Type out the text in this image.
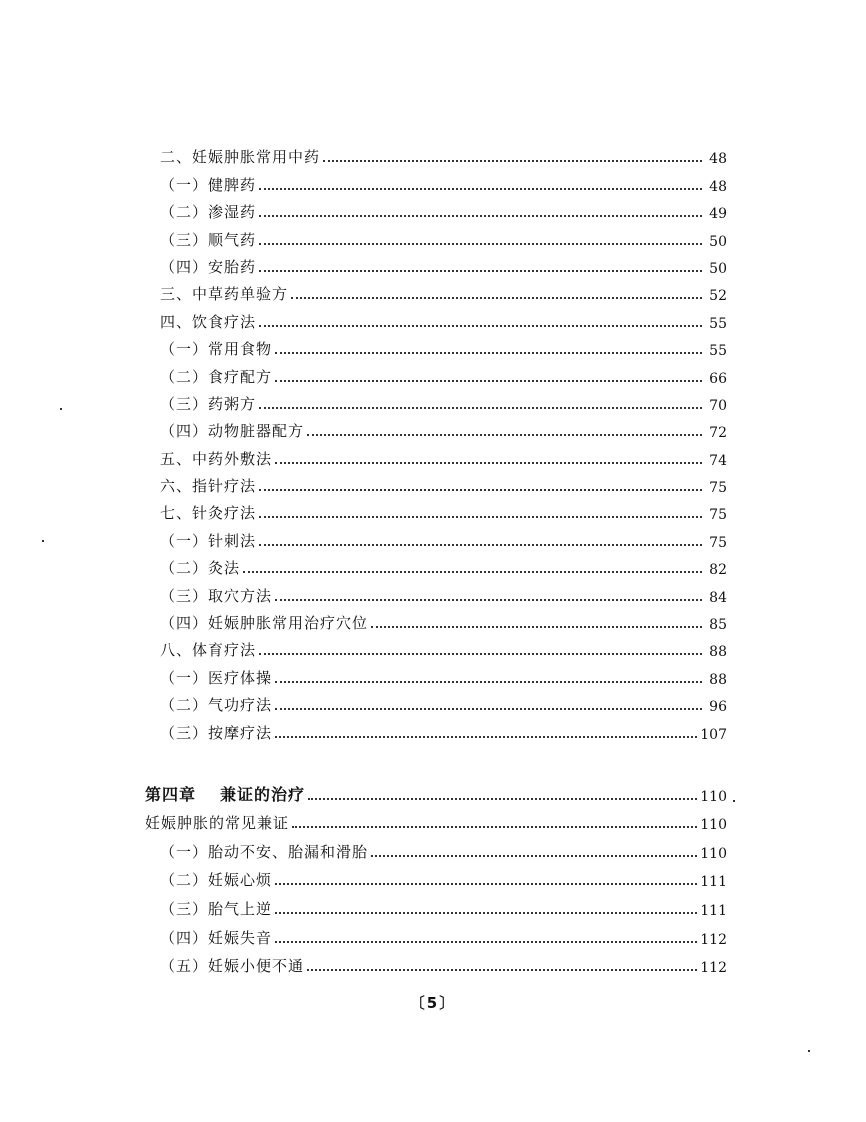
二、妊娠肿胀常用中药	48
（一）健脾药	48
（二）渗湿药	49
（三）顺气药	50
（四）安胎药	50
三、中草药单验方	52
四、饮食疗法	55
（一）常用食物	55
（二）食疗配方	66
（三）药粥方	70
（四）动物脏器配方	72
五、中药外敷法	74
六、指针疗法	75
七、针灸疗法	75
（一）针刺法	75
（二）灸法	82
（三）取穴方法	84
（四）妊娠肿胀常用治疗穴位	85
八、体育疗法	88
（一）医疗体操	88
（二）气功疗法	96
（三）按摩疗法	107
第四章 兼证的治疗	110
妊娠肿胀的常见兼证	110
（一）胎动不安、胎漏和滑胎	110
（二）妊娠心烦	111
（三）胎气上逆	111
（四）妊娠失音	112
（五）妊娠小便不通	112
〔5〕
